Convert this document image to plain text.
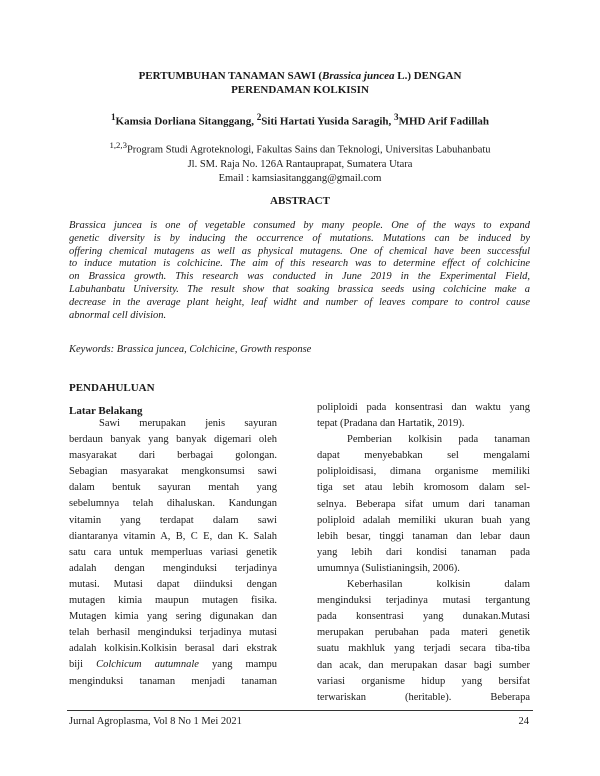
PERTUMBUHAN TANAMAN SAWI (Brassica juncea L.) DENGAN
PERENDAMAN KOLKISIN
$^1$Kamsia Dorliana Sitanggang, $^2$Siti Hartati Yusida Saragih, $^3$MHD Arif Fadillah
$^{1,2,3}$Program Studi Agroteknologi, Fakultas Sains dan Teknologi, Universitas Labuhanbatu
Jl. SM. Raja No. 126A Rantauprapat, Sumatera Utara
Email : kamsiasitanggang@gmail.com
ABSTRACT
Brassica juncea is one of vegetable consumed by many people. One of the ways to expand
genetic diversity is by inducing the occurrence of mutations. Mutations can be induced by
offering chemical mutagens as well as physical mutagens. One of chemical have been successful
to induce mutation is colchicine. The aim of this research was to determine effect of colchicine
on Brassica growth. This research was conducted in June 2019 in the Experimental Field,
Labuhanbatu University. The result show that soaking brassica seeds using colchicine make a
decrease in the average plant height, leaf widht and number of leaves compare to control cause
abnormal cell division.
Keywords: Brassica juncea, Colchicine, Growth response
PENDAHULUAN
Latar Belakang
Sawi merupakan jenis sayuran
berdaun banyak yang banyak digemari oleh
masyarakat dari berbagai golongan.
Sebagian masyarakat mengkonsumsi sawi
dalam bentuk sayuran mentah yang
sebelumnya telah dihaluskan. Kandungan
vitamin yang terdapat dalam sawi
diantaranya vitamin A, B, C E, dan K. Salah
satu cara untuk memperluas variasi genetik
adalah dengan menginduksi terjadinya
mutasi. Mutasi dapat diinduksi dengan
mutagen kimia maupun mutagen fisika.
Mutagen kimia yang sering digunakan dan
telah berhasil menginduksi terjadinya mutasi
adalah kolkisin.Kolkisin berasal dari ekstrak
biji Colchicum autumnale yang mampu
menginduksi tanaman menjadi tanaman
poliploidi pada konsentrasi dan waktu yang
tepat (Pradana dan Hartatik, 2019).
Pemberian kolkisin pada tanaman
dapat menyebabkan sel mengalami
poliploidisasi, dimana organisme memiliki
tiga set atau lebih kromosom dalam sel-
selnya. Beberapa sifat umum dari tanaman
poliploid adalah memiliki ukuran buah yang
lebih besar, tinggi tanaman dan lebar daun
yang lebih dari kondisi tanaman pada
umumnya (Sulistianingsih, 2006).
Keberhasilan kolkisin dalam
menginduksi terjadinya mutasi tergantung
pada konsentrasi yang dunakan.Mutasi
merupakan perubahan pada materi genetik
suatu makhluk yang terjadi secara tiba-tiba
dan acak, dan merupakan dasar bagi sumber
variasi organisme hidup yang bersifat
terwariskan (heritable). Beberapa
Jurnal Agroplasma, Vol 8 No 1 Mei 2021	24
